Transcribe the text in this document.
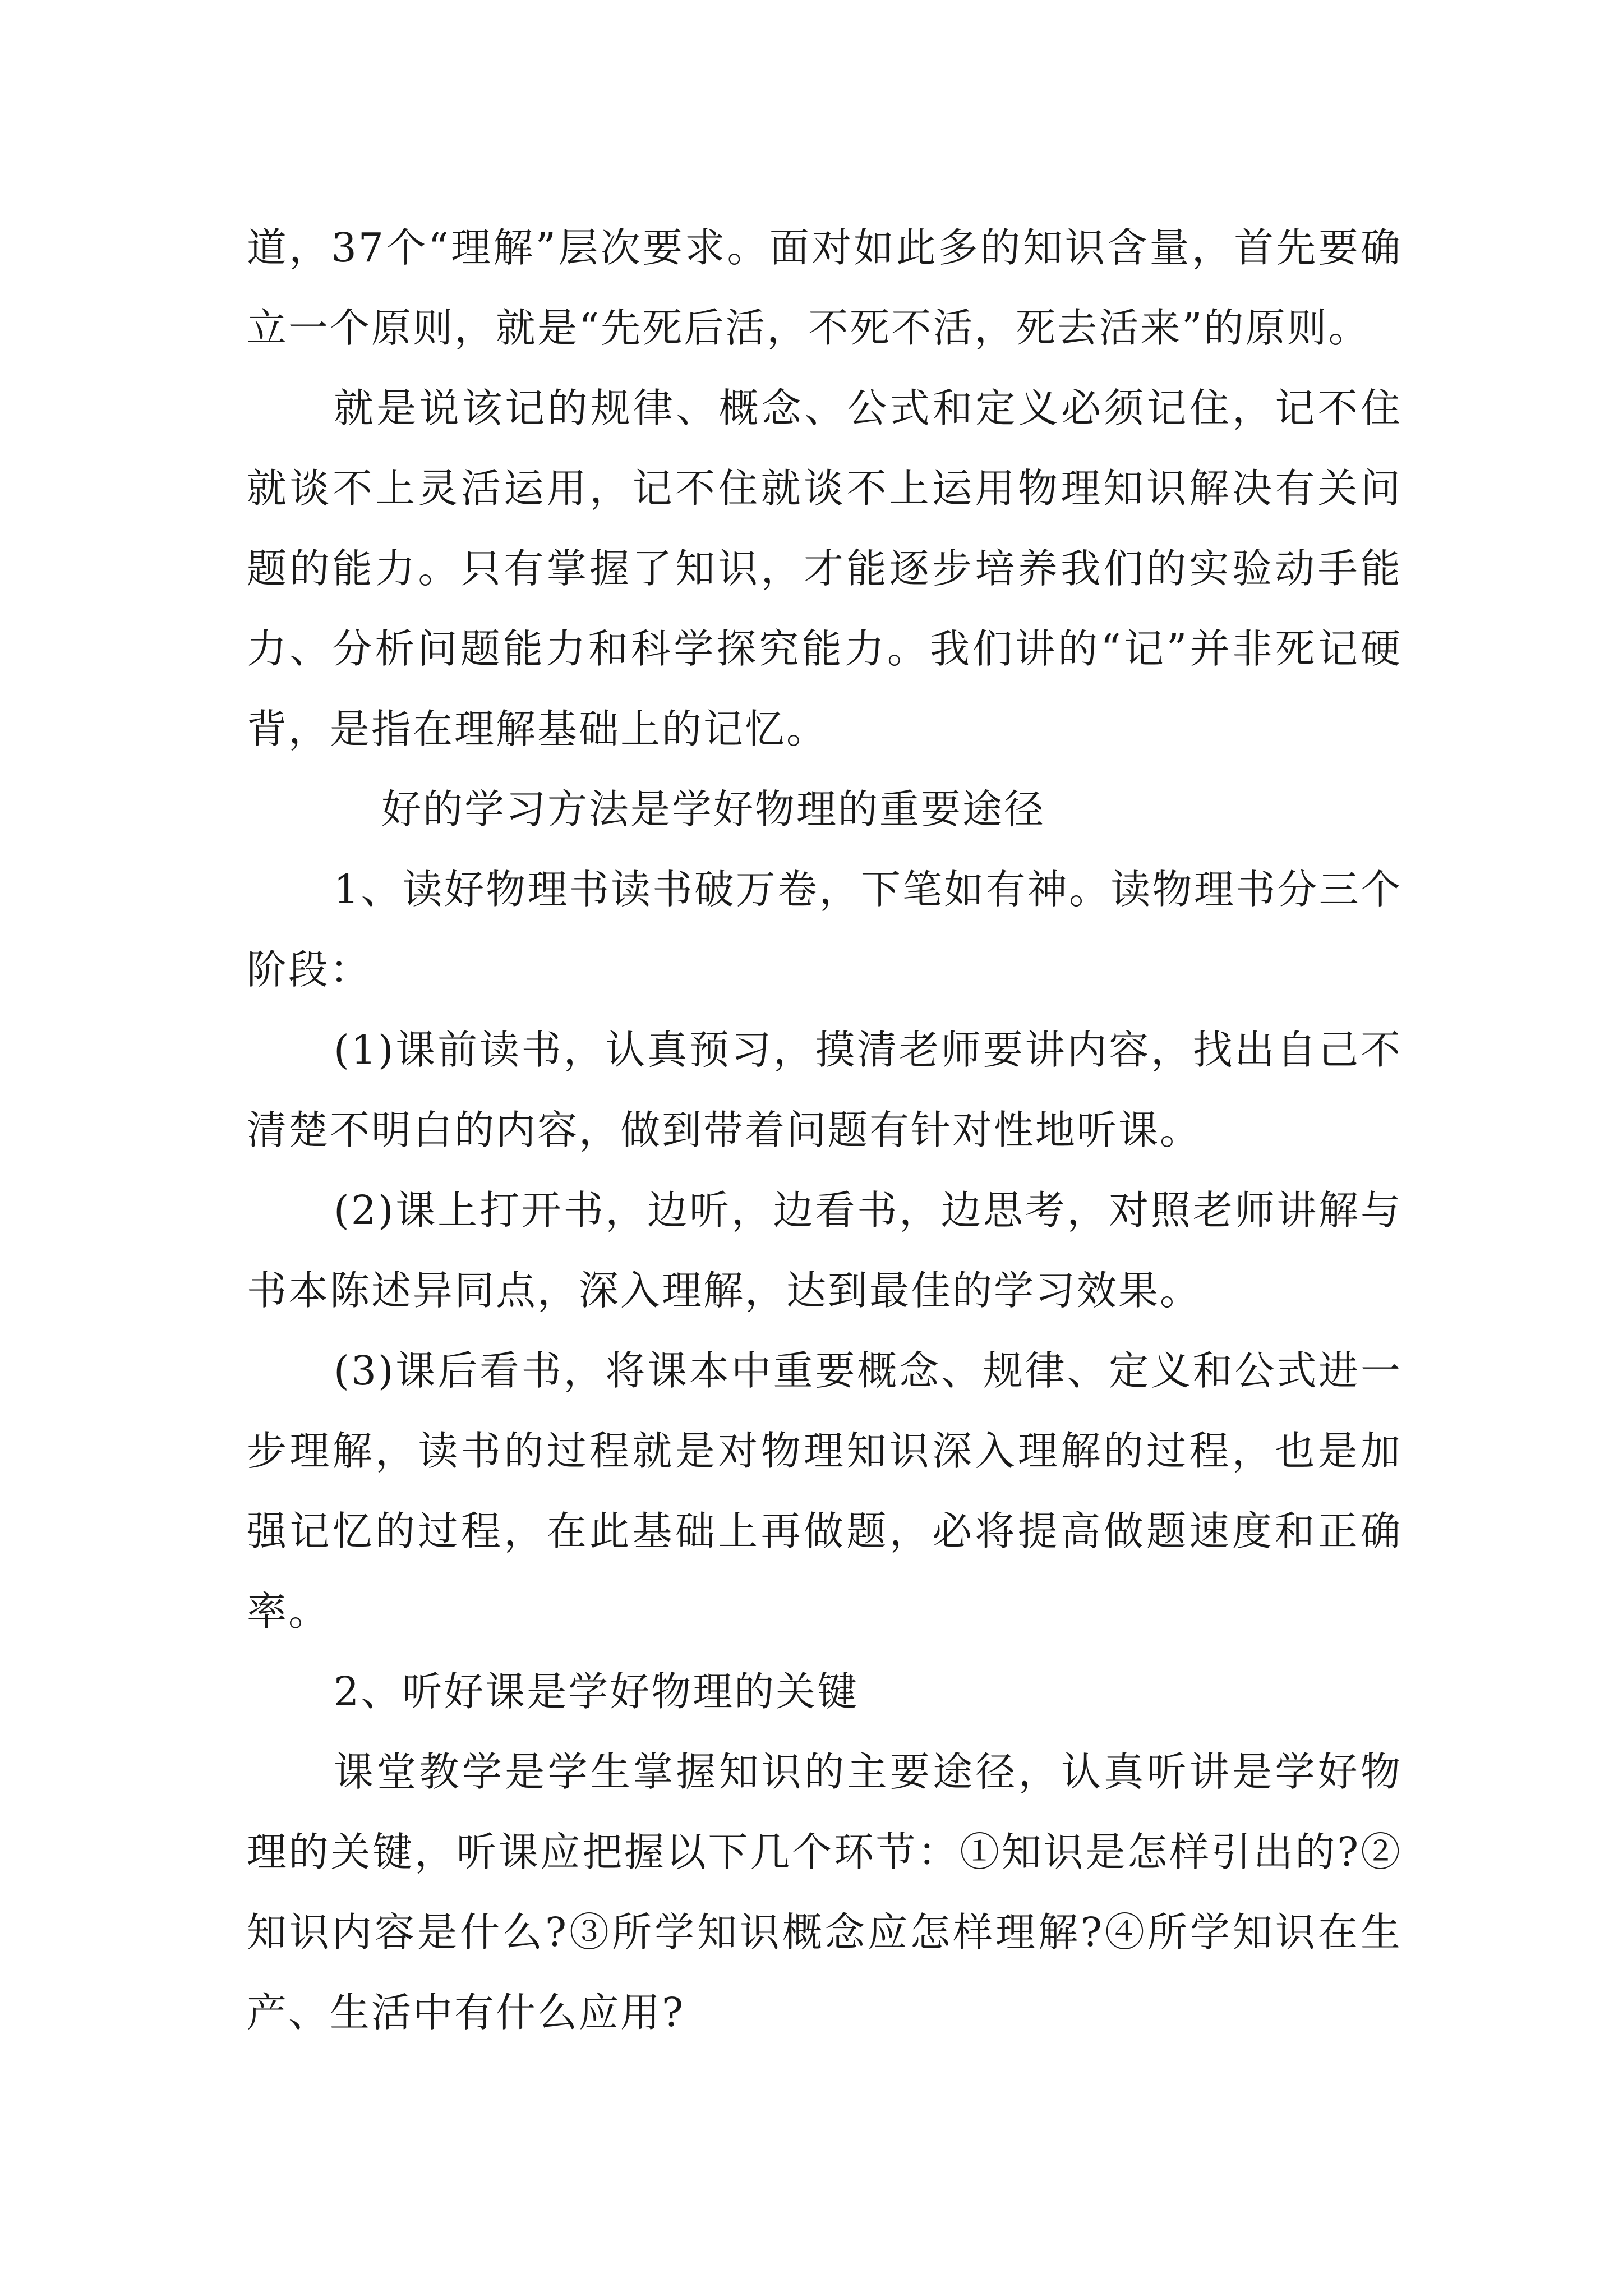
道，37个“理解”层次要求。面对如此多的知识含量，首先要确立一个原则，就是“先死后活，不死不活，死去活来”的原则。

就是说该记的规律、概念、公式和定义必须记住，记不住就谈不上灵活运用，记不住就谈不上运用物理知识解决有关问题的能力。只有掌握了知识，才能逐步培养我们的实验动手能力、分析问题能力和科学探究能力。我们讲的“记”并非死记硬背，是指在理解基础上的记忆。

好的学习方法是学好物理的重要途径

1、读好物理书读书破万卷，下笔如有神。读物理书分三个阶段：

(1)课前读书，认真预习，摸清老师要讲内容，找出自己不清楚不明白的内容，做到带着问题有针对性地听课。

(2)课上打开书，边听，边看书，边思考，对照老师讲解与书本陈述异同点，深入理解，达到最佳的学习效果。

(3)课后看书，将课本中重要概念、规律、定义和公式进一步理解，读书的过程就是对物理知识深入理解的过程，也是加强记忆的过程，在此基础上再做题，必将提高做题速度和正确率。

2、听好课是学好物理的关键

课堂教学是学生掌握知识的主要途径，认真听讲是学好物理的关键，听课应把握以下几个环节：①知识是怎样引出的?②知识内容是什么?③所学知识概念应怎样理解?④所学知识在生产、生活中有什么应用?
